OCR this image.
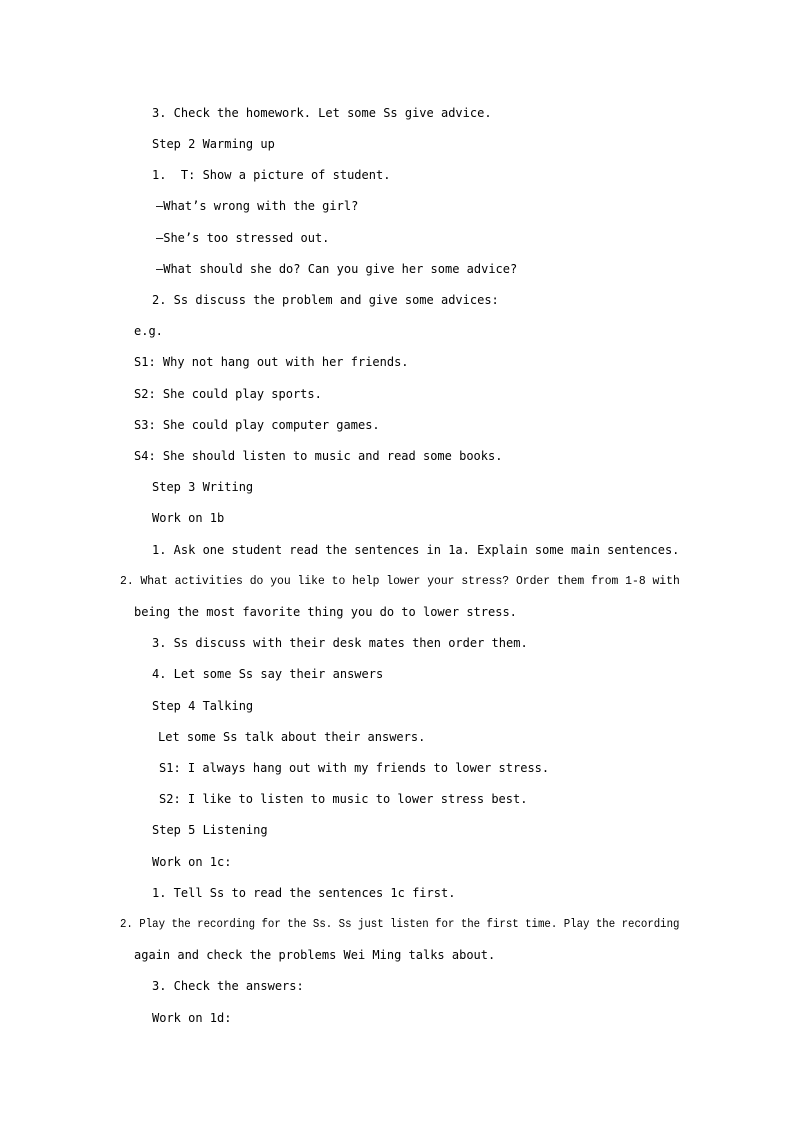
3. Check the homework. Let some Ss give advice.
Step 2 Warming up
1.  T: Show a picture of student.
—What’s wrong with the girl?
—She’s too stressed out.
—What should she do? Can you give her some advice?
2. Ss discuss the problem and give some advices:
e.g.
S1: Why not hang out with her friends.
S2: She could play sports.
S3: She could play computer games.
S4: She should listen to music and read some books.
Step 3 Writing
Work on 1b
1. Ask one student read the sentences in 1a. Explain some main sentences.
2. What activities do you like to help lower your stress? Order them from 1-8 with
being the most favorite thing you do to lower stress.
3. Ss discuss with their desk mates then order them.
4. Let some Ss say their answers
Step 4 Talking
Let some Ss talk about their answers.
S1: I always hang out with my friends to lower stress.
S2: I like to listen to music to lower stress best.
Step 5 Listening
Work on 1c:
1. Tell Ss to read the sentences 1c first.
2. Play the recording for the Ss. Ss just listen for the first time. Play the recording
again and check the problems Wei Ming talks about.
3. Check the answers:
Work on 1d:
